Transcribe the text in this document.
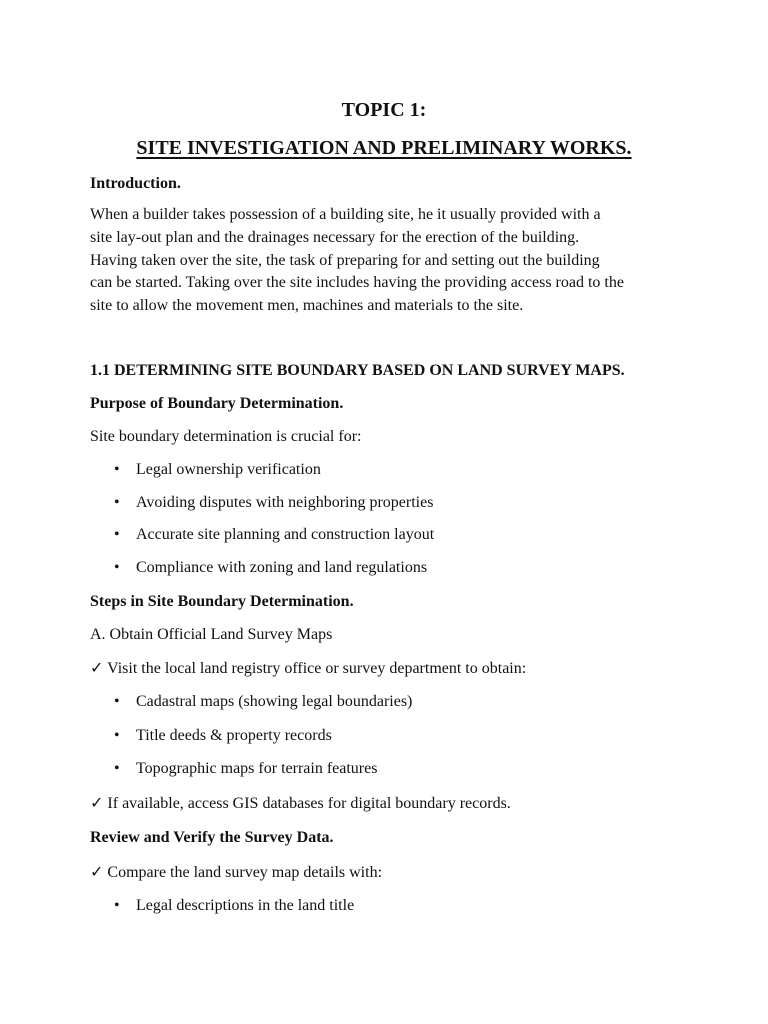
TOPIC 1:
SITE INVESTIGATION AND PRELIMINARY WORKS.
Introduction.
When a builder takes possession of a building site, he it usually provided with a
site lay-out plan and the drainages necessary for the erection of the building.
Having taken over the site, the task of preparing for and setting out the building
can be started. Taking over the site includes having the providing access road to the
site to allow the movement men, machines and materials to the site.
1.1 DETERMINING SITE BOUNDARY BASED ON LAND SURVEY MAPS.
Purpose of Boundary Determination.
Site boundary determination is crucial for:
• Legal ownership verification
• Avoiding disputes with neighboring properties
• Accurate site planning and construction layout
• Compliance with zoning and land regulations
Steps in Site Boundary Determination.
A. Obtain Official Land Survey Maps
✓ Visit the local land registry office or survey department to obtain:
• Cadastral maps (showing legal boundaries)
• Title deeds & property records
• Topographic maps for terrain features
✓ If available, access GIS databases for digital boundary records.
Review and Verify the Survey Data.
✓ Compare the land survey map details with:
• Legal descriptions in the land title
